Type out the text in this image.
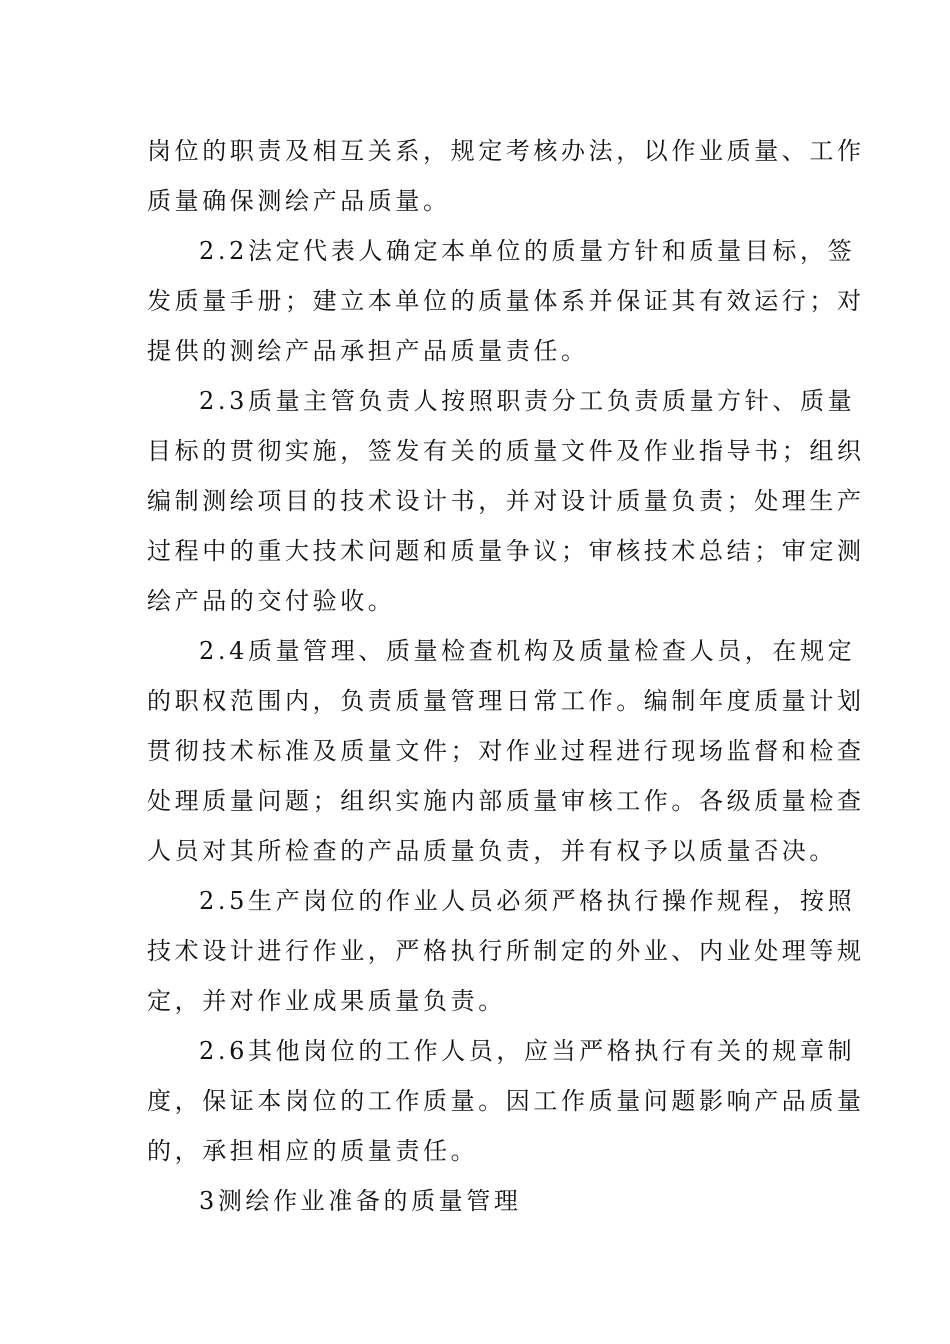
岗位的职责及相互关系，规定考核办法，以作业质量、工作
质量确保测绘产品质量。
2.2法定代表人确定本单位的质量方针和质量目标，签
发质量手册；建立本单位的质量体系并保证其有效运行；对
提供的测绘产品承担产品质量责任。
2.3质量主管负责人按照职责分工负责质量方针、质量
目标的贯彻实施，签发有关的质量文件及作业指导书；组织
编制测绘项目的技术设计书，并对设计质量负责；处理生产
过程中的重大技术问题和质量争议；审核技术总结；审定测
绘产品的交付验收。
2.4质量管理、质量检查机构及质量检查人员，在规定
的职权范围内，负责质量管理日常工作。编制年度质量计划
贯彻技术标准及质量文件；对作业过程进行现场监督和检查
处理质量问题；组织实施内部质量审核工作。各级质量检查
人员对其所检查的产品质量负责，并有权予以质量否决。
2.5生产岗位的作业人员必须严格执行操作规程，按照
技术设计进行作业，严格执行所制定的外业、内业处理等规
定，并对作业成果质量负责。
2.6其他岗位的工作人员，应当严格执行有关的规章制
度，保证本岗位的工作质量。因工作质量问题影响产品质量
的，承担相应的质量责任。
3测绘作业准备的质量管理
